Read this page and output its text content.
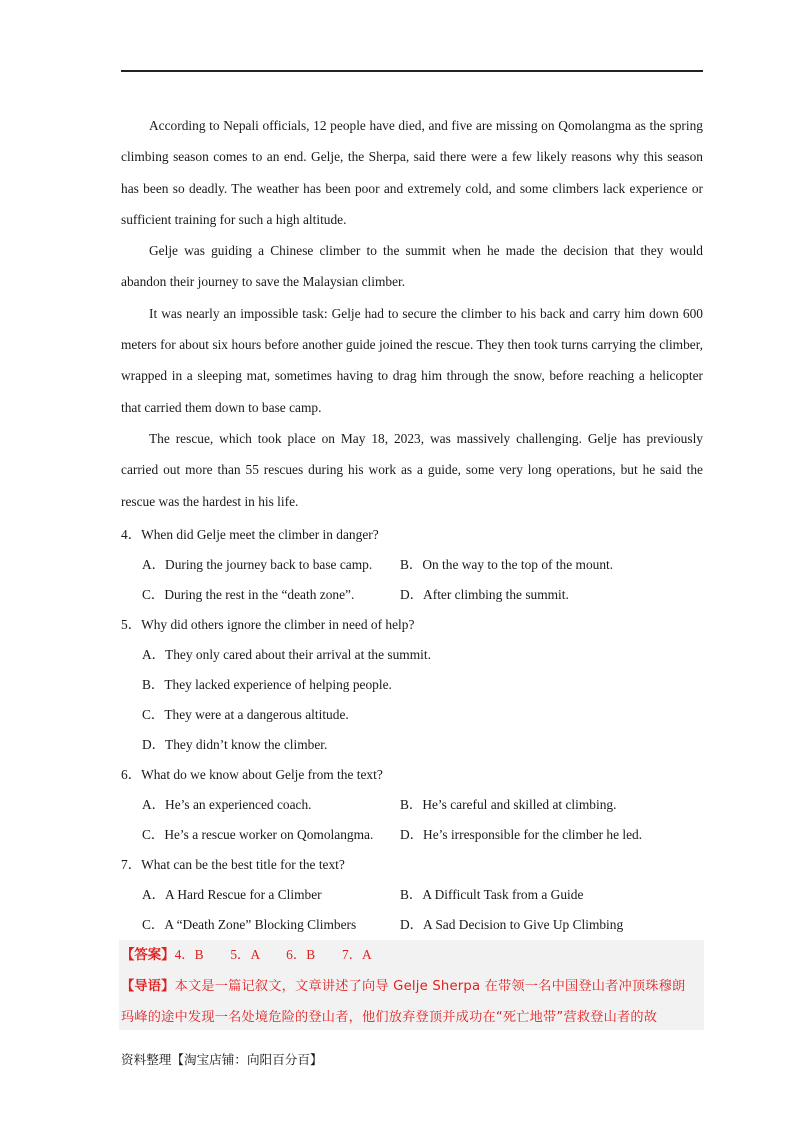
According to Nepali officials, 12 people have died, and five are missing on Qomolangma as the spring climbing season comes to an end. Gelje, the Sherpa, said there were a few likely reasons why this season has been so deadly. The weather has been poor and extremely cold, and some climbers lack experience or sufficient training for such a high altitude.

Gelje was guiding a Chinese climber to the summit when he made the decision that they would abandon their journey to save the Malaysian climber.

It was nearly an impossible task: Gelje had to secure the climber to his back and carry him down 600 meters for about six hours before another guide joined the rescue. They then took turns carrying the climber, wrapped in a sleeping mat, sometimes having to drag him through the snow, before reaching a helicopter that carried them down to base camp.

The rescue, which took place on May 18, 2023, was massively challenging. Gelje has previously carried out more than 55 rescues during his work as a guide, some very long operations, but he said the rescue was the hardest in his life.

4．When did Gelje meet the climber in danger?
A．During the journey back to base camp. B．On the way to the top of the mount.
C．During the rest in the “death zone”.	D．After climbing the summit.
5．Why did others ignore the climber in need of help?
A．They only cared about their arrival at the summit.
B．They lacked experience of helping people.
C．They were at a dangerous altitude.
D．They didn’t know the climber.
6．What do we know about Gelje from the text?
A．He’s an experienced coach.	B．He’s careful and skilled at climbing.
C．He’s a rescue worker on Qomolangma. D．He’s irresponsible for the climber he led.
7．What can be the best title for the text?
A．A Hard Rescue for a Climber	B．A Difficult Task from a Guide
C．A “Death Zone” Blocking Climbers	D．A Sad Decision to Give Up Climbing
【答案】4．B　　5．A　　6．B　　7．A
【导语】本文是一篇记叙文，文章讲述了向导 Gelje Sherpa 在带领一名中国登山者冲顶珠穆朗
玛峰的途中发现一名处境危险的登山者，他们放弃登顶并成功在“死亡地带”营救登山者的故
资料整理【淘宝店铺：向阳百分百】
